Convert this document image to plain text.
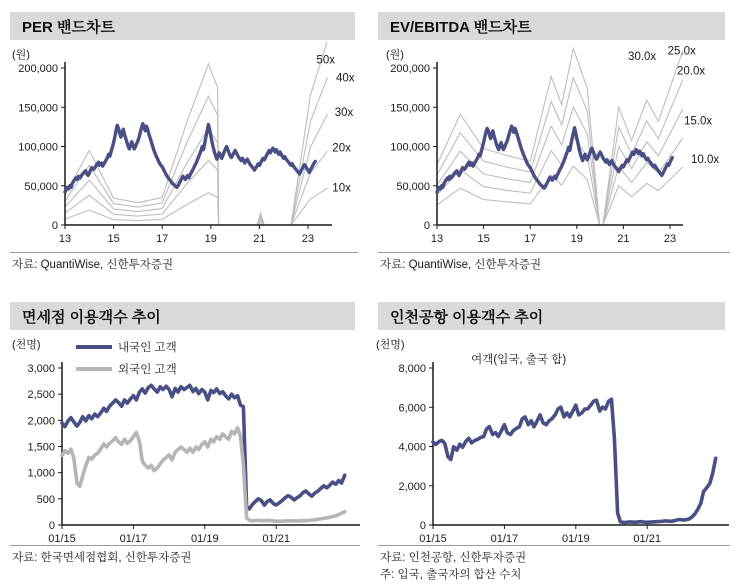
PER 밴드차트	EV/EBITDA 밴드차트
면세점 이용객수 추이	인천공항 이용객수 추이
0
50,000
100,000
150,000
200,000
13	15	17	19	21	23
(원)	50x
40x
30x
20x
10x
0
50,000
100,000
150,000
200,000
13	15	17	19	21	23
(원)	30.0x 25.0x
20.0x
15.0x
10.0x
0
500
1,000
1,500
2,000
2,500
3,000
01/15	01/17	01/19	01/21
(천명)	내국인 고객
외국인 고객
0
2,000
4,000
6,000
8,000
01/15	01/17	01/19	01/21
(천명)
여객(입국, 출국 합)
자료: QuantiWise, 신한투자증권	자료: QuantiWise, 신한투자증권
자료: 한국면세점협회, 신한투자증권	자료: 인천공항, 신한투자증권
주: 입국, 출국자의 합산 수치
